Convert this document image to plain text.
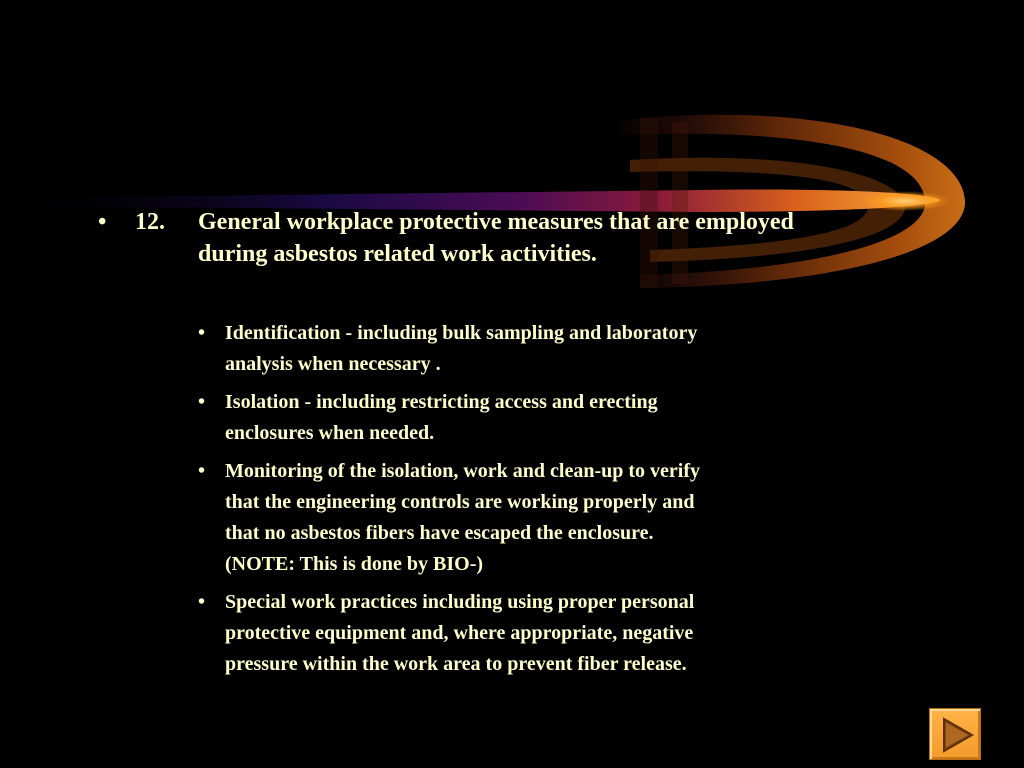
• 12. General workplace protective measures that are employed during asbestos related work activities.
• Identification - including bulk sampling and laboratory
analysis when necessary .
• Isolation - including restricting access and erecting
enclosures when needed.
• Monitoring of the isolation, work and clean-up to verify
that the engineering controls are working properly and
that no asbestos fibers have escaped the enclosure.
(NOTE: This is done by BIO-)
• Special work practices including using proper personal
protective equipment and, where appropriate, negative
pressure within the work area to prevent fiber release.
